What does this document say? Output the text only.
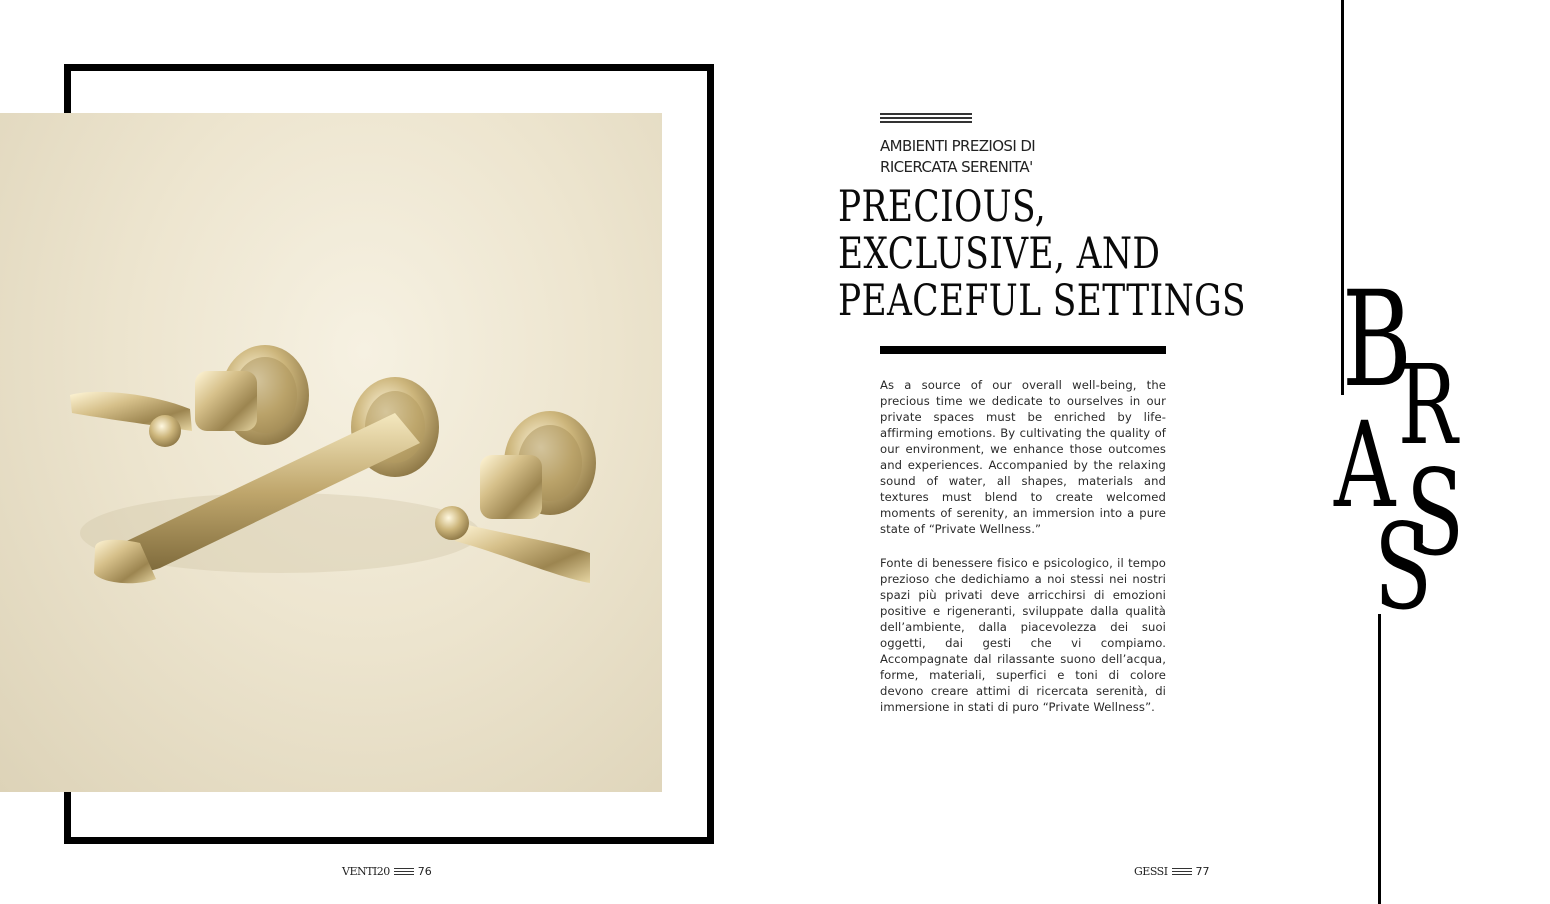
VENTI20	76
AMBIENTI PREZIOSI DI
RICERCATA SERENITA'
PRECIOUS,
EXCLUSIVE, AND
PEACEFUL SETTINGS

As a source of our overall well-being, the precious time we dedicate to ourselves in our private spaces must be enriched by life-affirming emotions. By cultivating the quality of our environment, we enhance those outcomes and experiences. Accompanied by the relaxing sound of water, all shapes, materials and textures must blend to create welcomed moments of serenity, an immersion into a pure state of “Private Wellness.”

Fonte di benessere fisico e psicologico, il tempo prezioso che dedichiamo a noi stessi nei nostri spazi più privati deve arricchirsi di emozioni positive e rigeneranti, sviluppate dalla qualità dell’ambiente, dalla piacevolezza dei suoi oggetti, dai gesti che vi compiamo. Accompagnate dal rilassante suono dell’acqua, forme, materiali, superfici e toni di colore devono creare attimi di ricercata serenità, di immersione in stati di puro “Private Wellness”.

GESSI	77
B
R
A S
S
